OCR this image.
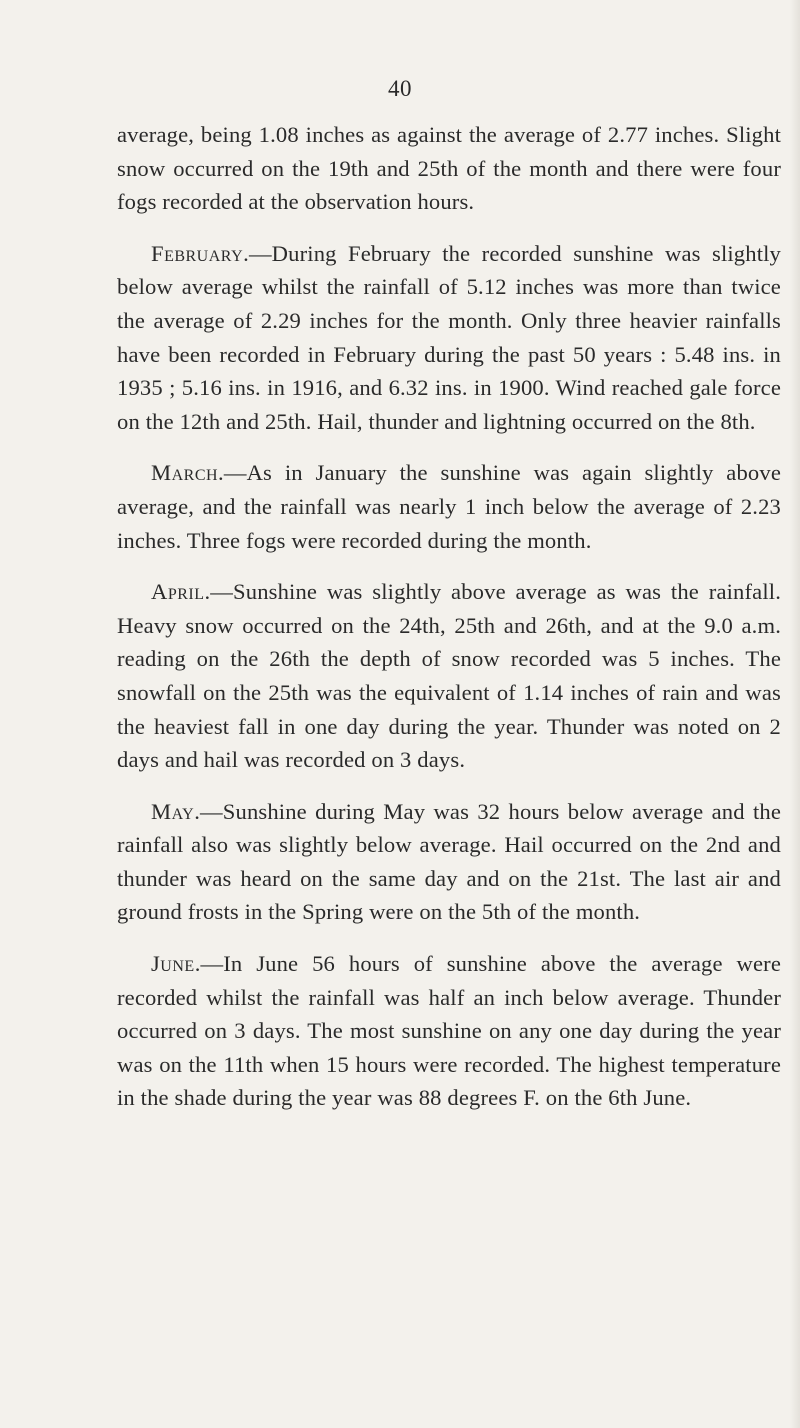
40

average, being 1.08 inches as against the average of 2.77 inches. Slight snow occurred on the 19th and 25th of the month and there were four fogs recorded at the observation hours.

February.—During February the recorded sunshine was slightly below average whilst the rainfall of 5.12 inches was more than twice the average of 2.29 inches for the month. Only three heavier rainfalls have been recorded in February during the past 50 years : 5.48 ins. in 1935 ; 5.16 ins. in 1916, and 6.32 ins. in 1900. Wind reached gale force on the 12th and 25th. Hail, thunder and lightning occurred on the 8th.

March.—As in January the sunshine was again slightly above average, and the rainfall was nearly 1 inch below the average of 2.23 inches. Three fogs were recorded during the month.

April.—Sunshine was slightly above average as was the rainfall. Heavy snow occurred on the 24th, 25th and 26th, and at the 9.0 a.m. reading on the 26th the depth of snow recorded was 5 inches. The snowfall on the 25th was the equivalent of 1.14 inches of rain and was the heaviest fall in one day during the year. Thunder was noted on 2 days and hail was recorded on 3 days.

May.—Sunshine during May was 32 hours below average and the rainfall also was slightly below average. Hail occurred on the 2nd and thunder was heard on the same day and on the 21st. The last air and ground frosts in the Spring were on the 5th of the month.

June.—In June 56 hours of sunshine above the average were recorded whilst the rainfall was half an inch below average. Thunder occurred on 3 days. The most sunshine on any one day during the year was on the 11th when 15 hours were recorded. The highest temperature in the shade during the year was 88 degrees F. on the 6th June.
